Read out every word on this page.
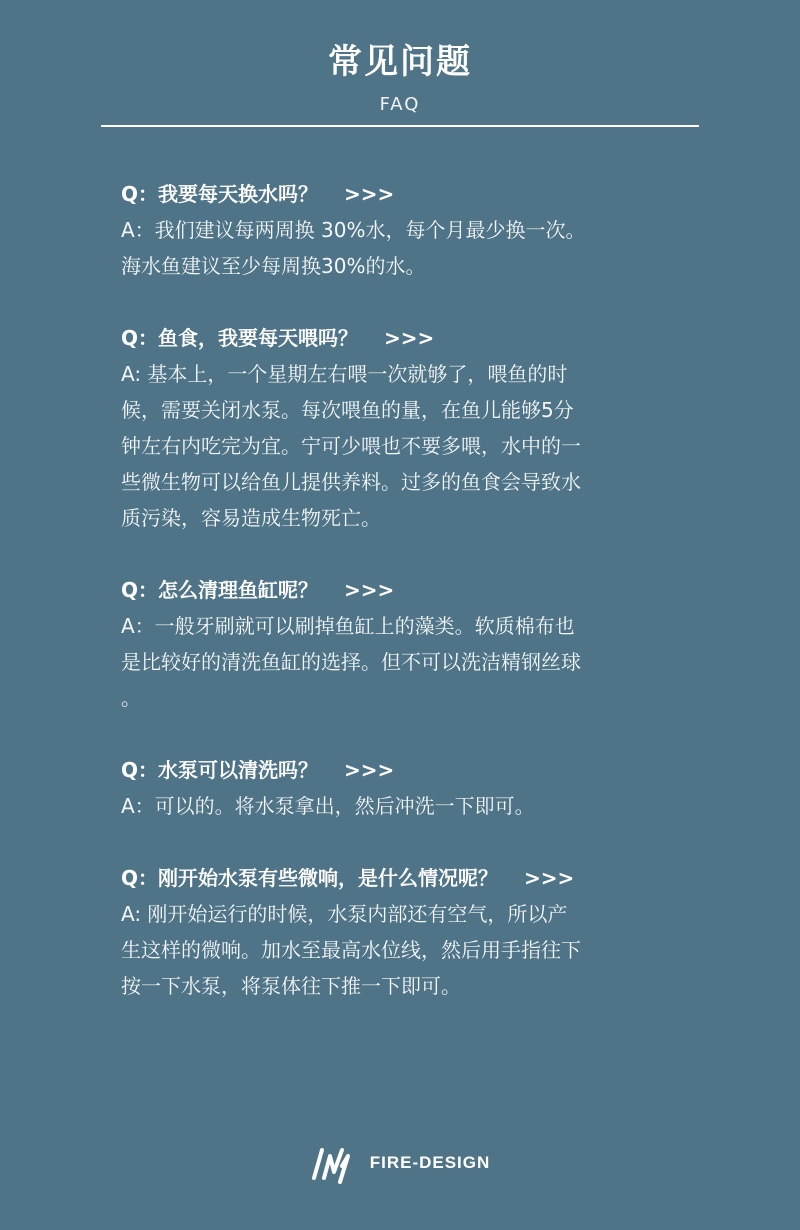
常见问题
FAQ
Q：我要每天换水吗？ >>>
A：我们建议每两周换 30%水，每个月最少换一次。
海水鱼建议至少每周换30%的水。
Q：鱼食，我要每天喂吗？ >>>
A: 基本上，一个星期左右喂一次就够了，喂鱼的时
候，需要关闭水泵。每次喂鱼的量，在鱼儿能够5分
钟左右内吃完为宜。宁可少喂也不要多喂，水中的一
些微生物可以给鱼儿提供养料。过多的鱼食会导致水
质污染，容易造成生物死亡。
Q：怎么清理鱼缸呢？ >>>
A：一般牙刷就可以刷掉鱼缸上的藻类。软质棉布也
是比较好的清洗鱼缸的选择。但不可以洗洁精钢丝球
。
Q：水泵可以清洗吗？ >>>
A：可以的。将水泵拿出，然后冲洗一下即可。
Q：刚开始水泵有些微响，是什么情况呢？ >>>
A: 刚开始运行的时候，水泵内部还有空气，所以产
生这样的微响。加水至最高水位线，然后用手指往下
按一下水泵，将泵体往下推一下即可。
FIRE-DESIGN
